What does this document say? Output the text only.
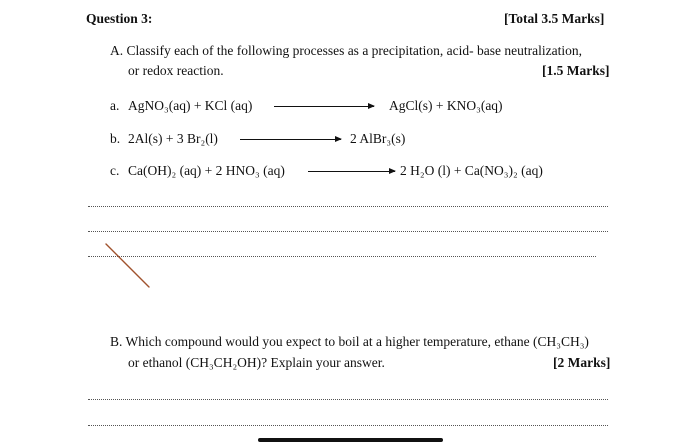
Question 3:	[Total 3.5 Marks]
A. Classify each of the following processes as a precipitation, acid- base neutralization,
or redox reaction.	[1.5 Marks]
a. AgNO₃(aq) + KCl (aq)	AgCl(s) + KNO₃(aq)
b. 2Al(s) + 3 Br₂(l)	2 AlBr₃(s)
c. Ca(OH)₂ (aq) + 2 HNO₃ (aq)	2 H₂O (l) + Ca(NO₃)₂ (aq)
B. Which compound would you expect to boil at a higher temperature, ethane (CH₃CH₃)
or ethanol (CH₃CH₂OH)? Explain your answer.	[2 Marks]
